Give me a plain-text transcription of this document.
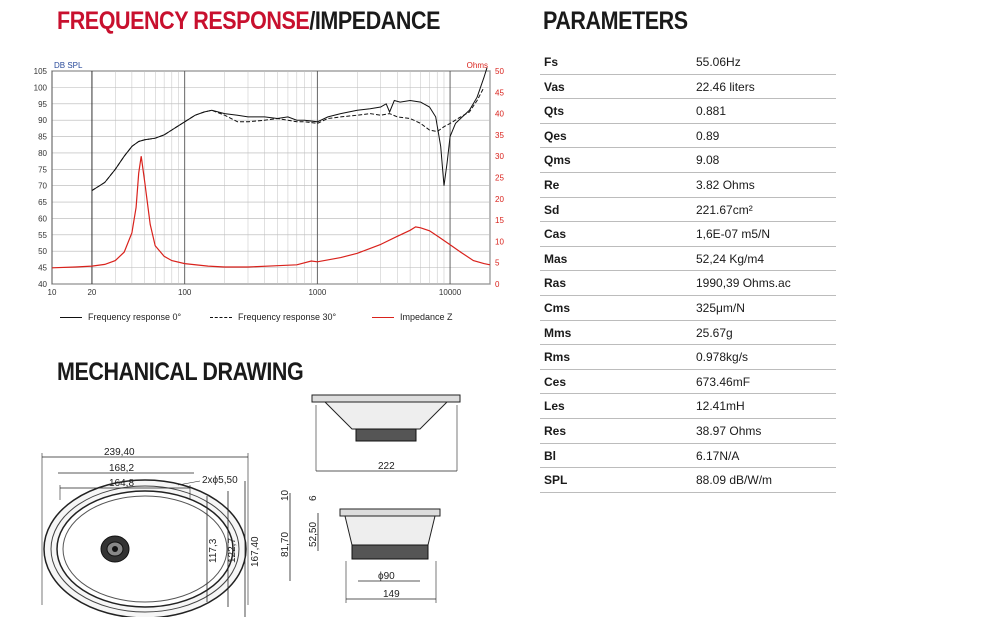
FREQUENCY RESPONSE/IMPEDANCE	PARAMETERS
MECHANICAL DRAWING
105
100
95
90
85
80
75
70
65
60
55
50
45
40
50
45
40
35
30
25
20
15
10
5
0
10	20	100	1000	10000
DB SPL	Ohms
Frequency response 0°	Frequency response 30°	Impedance Z
Fs	55.06Hz
Vas	22.46 liters
Qts	0.881
Qes	0.89
Qms	9.08
Re	3.82 Ohms
Sd	221.67cm²
Cas	1,6E-07 m5/N
Mas	52,24 Kg/m4
Ras	1990,39 Ohms.ac
Cms	325μm/N
Mms	25.67g
Rms	0.978kg/s
Ces	673.46mF
Les	12.41mH
Res	38.97 Ohms
Bl	6.17N/A
SPL	88.09 dB/W/m
239,40
168,2
164,8	2xϕ5,50
117,3 122,7 167,40
222
81,70
10 6
52,50
ϕ90
149
